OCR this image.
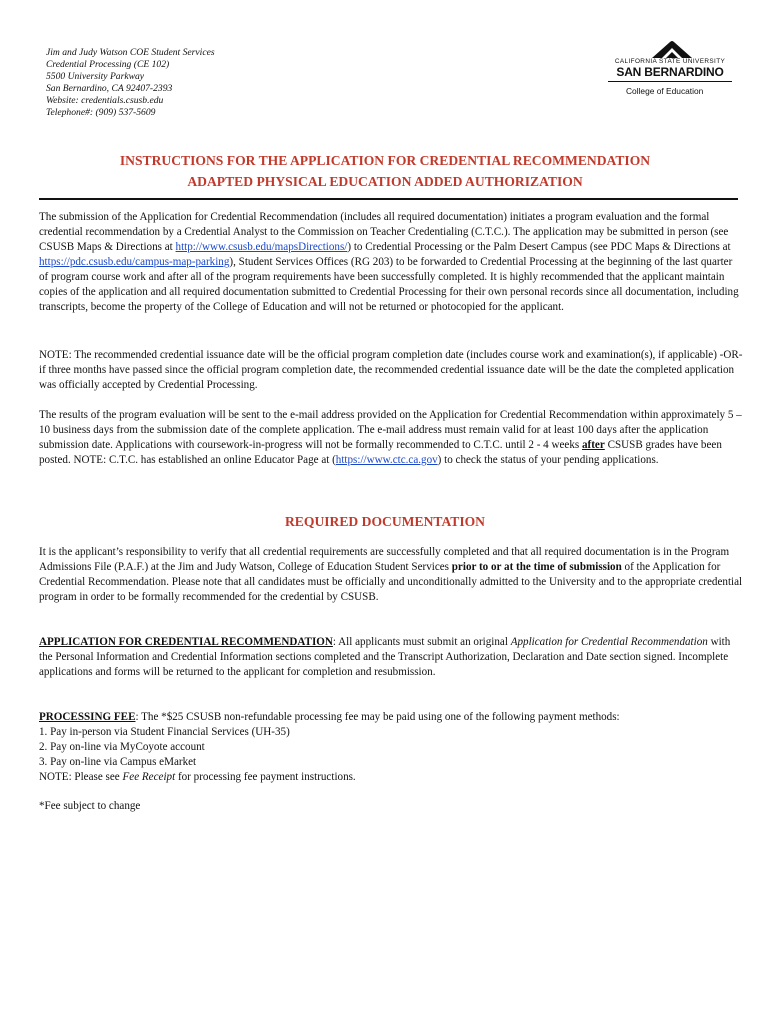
Jim and Judy Watson COE Student Services
Credential Processing (CE 102)
5500 University Parkway
San Bernardino, CA 92407-2393
Website: credentials.csusb.edu
Telephone#: (909) 537-5609
CALIFORNIA STATE UNIVERSITY
SAN BERNARDINO
College of Education
INSTRUCTIONS FOR THE APPLICATION FOR CREDENTIAL RECOMMENDATION
ADAPTED PHYSICAL EDUCATION ADDED AUTHORIZATION
The submission of the Application for Credential Recommendation (includes all required documentation) initiates a program evaluation and the formal credential recommendation by a Credential Analyst to the Commission on Teacher Credentialing (C.T.C.). The application may be submitted in person (see CSUSB Maps & Directions at http://www.csusb.edu/mapsDirections/) to Credential Processing or the Palm Desert Campus (see PDC Maps & Directions at https://pdc.csusb.edu/campus-map-parking), Student Services Offices (RG 203) to be forwarded to Credential Processing at the beginning of the last quarter of program course work and after all of the program requirements have been successfully completed. It is highly recommended that the applicant maintain copies of the application and all required documentation submitted to Credential Processing for their own personal records since all documentation, including transcripts, become the property of the College of Education and will not be returned or photocopied for the applicant.
NOTE: The recommended credential issuance date will be the official program completion date (includes course work and examination(s), if applicable) -OR- if three months have passed since the official program completion date, the recommended credential issuance date will be the date the completed application was officially accepted by Credential Processing.
The results of the program evaluation will be sent to the e-mail address provided on the Application for Credential Recommendation within approximately 5 – 10 business days from the submission date of the complete application. The e-mail address must remain valid for at least 100 days after the application submission date. Applications with coursework-in-progress will not be formally recommended to C.T.C. until 2 - 4 weeks after CSUSB grades have been posted. NOTE: C.T.C. has established an online Educator Page at (https://www.ctc.ca.gov) to check the status of your pending applications.
REQUIRED DOCUMENTATION
It is the applicant’s responsibility to verify that all credential requirements are successfully completed and that all required documentation is in the Program Admissions File (P.A.F.) at the Jim and Judy Watson, College of Education Student Services prior to or at the time of submission of the Application for Credential Recommendation. Please note that all candidates must be officially and unconditionally admitted to the University and to the appropriate credential program in order to be formally recommended for the credential by CSUSB.
APPLICATION FOR CREDENTIAL RECOMMENDATION: All applicants must submit an original Application for Credential Recommendation with the Personal Information and Credential Information sections completed and the Transcript Authorization, Declaration and Date section signed. Incomplete applications and forms will be returned to the applicant for completion and resubmission.
PROCESSING FEE: The *$25 CSUSB non-refundable processing fee may be paid using one of the following payment methods:
1. Pay in-person via Student Financial Services (UH-35)
2. Pay on-line via MyCoyote account
3. Pay on-line via Campus eMarket
NOTE: Please see Fee Receipt for processing fee payment instructions.
*Fee subject to change
